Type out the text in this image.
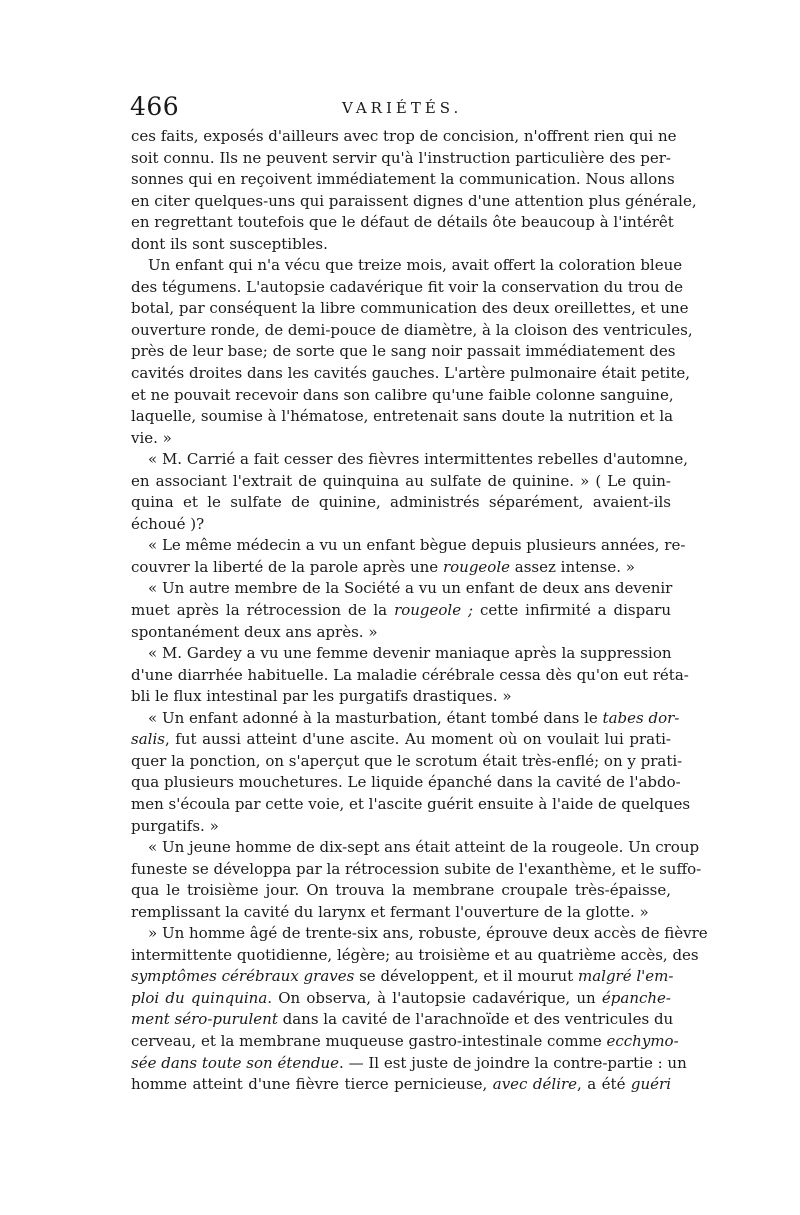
466	VARIÉTÉS.
ces faits, exposés d'ailleurs avec trop de concision, n'offrent rien qui ne
soit connu. Ils ne peuvent servir qu'à l'instruction particulière des per-
sonnes qui en reçoivent immédiatement la communication. Nous allons
en citer quelques-uns qui paraissent dignes d'une attention plus générale,
en regrettant toutefois que le défaut de détails ôte beaucoup à l'intérêt
dont ils sont susceptibles.
Un enfant qui n'a vécu que treize mois, avait offert la coloration bleue
des tégumens. L'autopsie cadavérique fit voir la conservation du trou de
botal, par conséquent la libre communication des deux oreillettes, et une
ouverture ronde, de demi-pouce de diamètre, à la cloison des ventricules,
près de leur base; de sorte que le sang noir passait immédiatement des
cavités droites dans les cavités gauches. L'artère pulmonaire était petite,
et ne pouvait recevoir dans son calibre qu'une faible colonne sanguine,
laquelle, soumise à l'hématose, entretenait sans doute la nutrition et la
vie. »
« M. Carrié a fait cesser des fièvres intermittentes rebelles d'automne,
en associant l'extrait de quinquina au sulfate de quinine. » ( Le quin-
quina et le sulfate de quinine, administrés séparément, avaient-ils
échoué )?
« Le même médecin a vu un enfant bègue depuis plusieurs années, re-
couvrer la liberté de la parole après une rougeole assez intense. »
« Un autre membre de la Société a vu un enfant de deux ans devenir
muet après la rétrocession de la rougeole ; cette infirmité a disparu
spontanément deux ans après. »
« M. Gardey a vu une femme devenir maniaque après la suppression
d'une diarrhée habituelle. La maladie cérébrale cessa dès qu'on eut réta-
bli le flux intestinal par les purgatifs drastiques. »
« Un enfant adonné à la masturbation, étant tombé dans le tabes dor-
salis, fut aussi atteint d'une ascite. Au moment où on voulait lui prati-
quer la ponction, on s'aperçut que le scrotum était très-enflé; on y prati-
qua plusieurs mouchetures. Le liquide épanché dans la cavité de l'abdo-
men s'écoula par cette voie, et l'ascite guérit ensuite à l'aide de quelques
purgatifs. »
« Un jeune homme de dix-sept ans était atteint de la rougeole. Un croup
funeste se développa par la rétrocession subite de l'exanthème, et le suffo-
qua le troisième jour. On trouva la membrane croupale très-épaisse,
remplissant la cavité du larynx et fermant l'ouverture de la glotte. »
» Un homme âgé de trente-six ans, robuste, éprouve deux accès de fièvre
intermittente quotidienne, légère; au troisième et au quatrième accès, des
symptômes cérébraux graves se développent, et il mourut malgré l'em-
ploi du quinquina. On observa, à l'autopsie cadavérique, un épanche-
ment séro-purulent dans la cavité de l'arachnoïde et des ventricules du
cerveau, et la membrane muqueuse gastro-intestinale comme ecchymo-
sée dans toute son étendue. — Il est juste de joindre la contre-partie : un
homme atteint d'une fièvre tierce pernicieuse, avec délire, a été guéri
